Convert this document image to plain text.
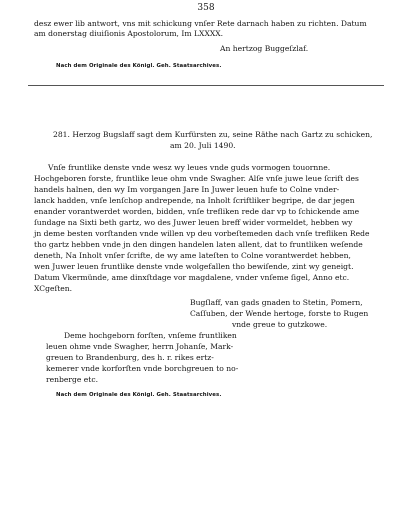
358
desz ewer lib antwort, vns mit schickung vnſer Rete darnach haben zu richten. Datum
am donerstag diuiſionis Apostolorum, Im LXXXX.
An hertzog Buggeſzlaf.
Nach dem Originale des Königl. Geh. Staatsarchives.
281. Herzog Bugslaff sagt dem Kurfürsten zu, seine Räthe nach Gartz zu schicken,
am 20. Juli 1490.
Vnſe fruntlike denste vnde wesz wy leues vnde guds vormogen touornne.
Hochgeboren forste, fruntlike leue ohm vnde Swagher. Alſe vnſe juwe leue ſcrift des
handels halnen, den wy Im vorgangen Jare In Juwer leuen hufe to Colne vnder-
lanck hadden, vnſe lenſchop andrepende, na Inholt ſcriftliker begripe, de dar jegen
enander vorantwerdet worden, bidden, vnſe trefliken rede dar vp to ſchickende ame
ſundage na Sixti beth gartz, wo des Juwer leuen breff wider vormeldet, hebben wy
jn deme besten vorſtanden vnde willen vp deu vorbeſtemeden dach vnſe trefliken Rede
tho gartz hebben vnde jn den dingen handelen laten allent, dat to fruntliken weſende
deneth, Na Inholt vnſer ſcrifte, de wy ame lateſten to Colne vorantwerdet hebben,
wen Juwer leuen fruntlike denste vnde wolgefallen tho bewiſende, zint wy geneigt.
Datum Vkermünde, ame dinxſtdage vor magdalene, vnder vnſeme ſigel, Anno etc.
XCgeſten.
Bugſlaff, van gads gnaden to Stetin, Pomern,
Caſſuben, der Wende hertoge, forste to Rugen
vnde greue to gutzkowe.
Deme hochgeborn forſten, vnſeme fruntliken
leuen ohme vnde Swagher, herrn Johanſe, Mark-
greuen to Brandenburg, des h. r. rikes ertz-
kemerer vnde korforſten vnde borchgreuen to no-
renberge etc.
Nach dem Originale des Königl. Geh. Staatsarchives.
